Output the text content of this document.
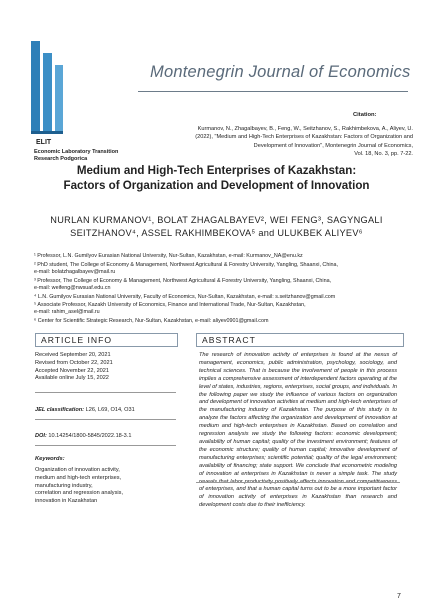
Montenegrin Journal of Economics
Citation:
Kurmanov, N., Zhagalbayev, B., Feng, W., Seitzhanov, S., Rakhimbekova, A., Aliyev, U.
(2022), "Medium and High-Tech Enterprises of Kazakhstan: Factors of Organization and
Development of Innovation", Montenegrin Journal of Economics,
Vol. 18, No. 3, pp. 7-22.
ELIT
Economic Laboratory Transition
Research Podgorica
Medium and High-Tech Enterprises of Kazakhstan:
Factors of Organization and Development of Innovation
NURLAN KURMANOV¹, BOLAT ZHAGALBAYEV², WEI FENG³, SAGYNGALI
SEITZHANOV⁴, ASSEL RAKHIMBEKOVA⁵ and ULUKBEK ALIYEV⁶
¹ Professor, L.N. Gumilyov Eurasian National University, Nur-Sultan, Kazakhstan, e-mail: Kurmanov_NA@enu.kz
² PhD student, The College of Economy & Management, Northwest Agricultural & Forestry University, Yangling, Shaanxi, China,
e-mail: bolatzhagalbayev@mail.ru
³ Professor, The College of Economy & Management, Northwest Agricultural & Forestry University, Yangling, Shaanxi, China,
e-mail: weifeng@nwsuaf.edu.cn
⁴ L.N. Gumilyov Eurasian National University, Faculty of Economics, Nur-Sultan, Kazakhstan, e-mail: s.seitzhanov@gmail.com
⁵ Associate Professor, Kazakh University of Economics, Finance and International Trade, Nur-Sultan, Kazakhstan,
e-mail: rahim_asel@mail.ru
⁶ Center for Scientific Strategic Research, Nur-Sultan, Kazakhstan, e-mail: aliyev0901@gmail.com
ARTICLE INFO	ABSTRACT
Received September 20, 2021
Revised from October 22, 2021
Accepted November 22, 2021
Available online July 15, 2022
JEL classification: L26, L69, O14, O31
DOI: 10.14254/1800-5845/2022.18-3.1
Keywords:
Organization of innovation activity,
medium and high-tech enterprises,
manufacturing industry,
correlation and regression analysis,
innovation in Kazakhstan
The research of innovation activity of enterprises is found at the nexus of management, economics, public administration, psychology, sociology, and technical sciences. That is because the involvement of people in this process implies a comprehensive assessment of interdependent factors operating at the level of states, industries, regions, enterprises, social groups, and individuals. In the following paper we study the influence of various factors on organization and development of innovation activities at medium and high-tech enterprises of the manufacturing industry of Kazakhstan. The purpose of this study is to analyze the factors affecting the organization and development of innovation at medium and high-tech enterprises in Kazakhstan. Based on correlation and regression analysis we study the following factors: economic development; availability of human capital; quality of the investment environment; features of the economic structure; quality of human capital; innovative development of manufacturing enterprises; scientific potential; quality of the legal environment; availability of financing; state support. We conclude that econometric modeling of innovation at enterprises in Kazakhstan is never a simple task. The study of enterprises, and that a human capital turns out to be a more important factor of innovation activity of enterprises in Kazakhstan than research and development costs due to their inefficiency.
7
